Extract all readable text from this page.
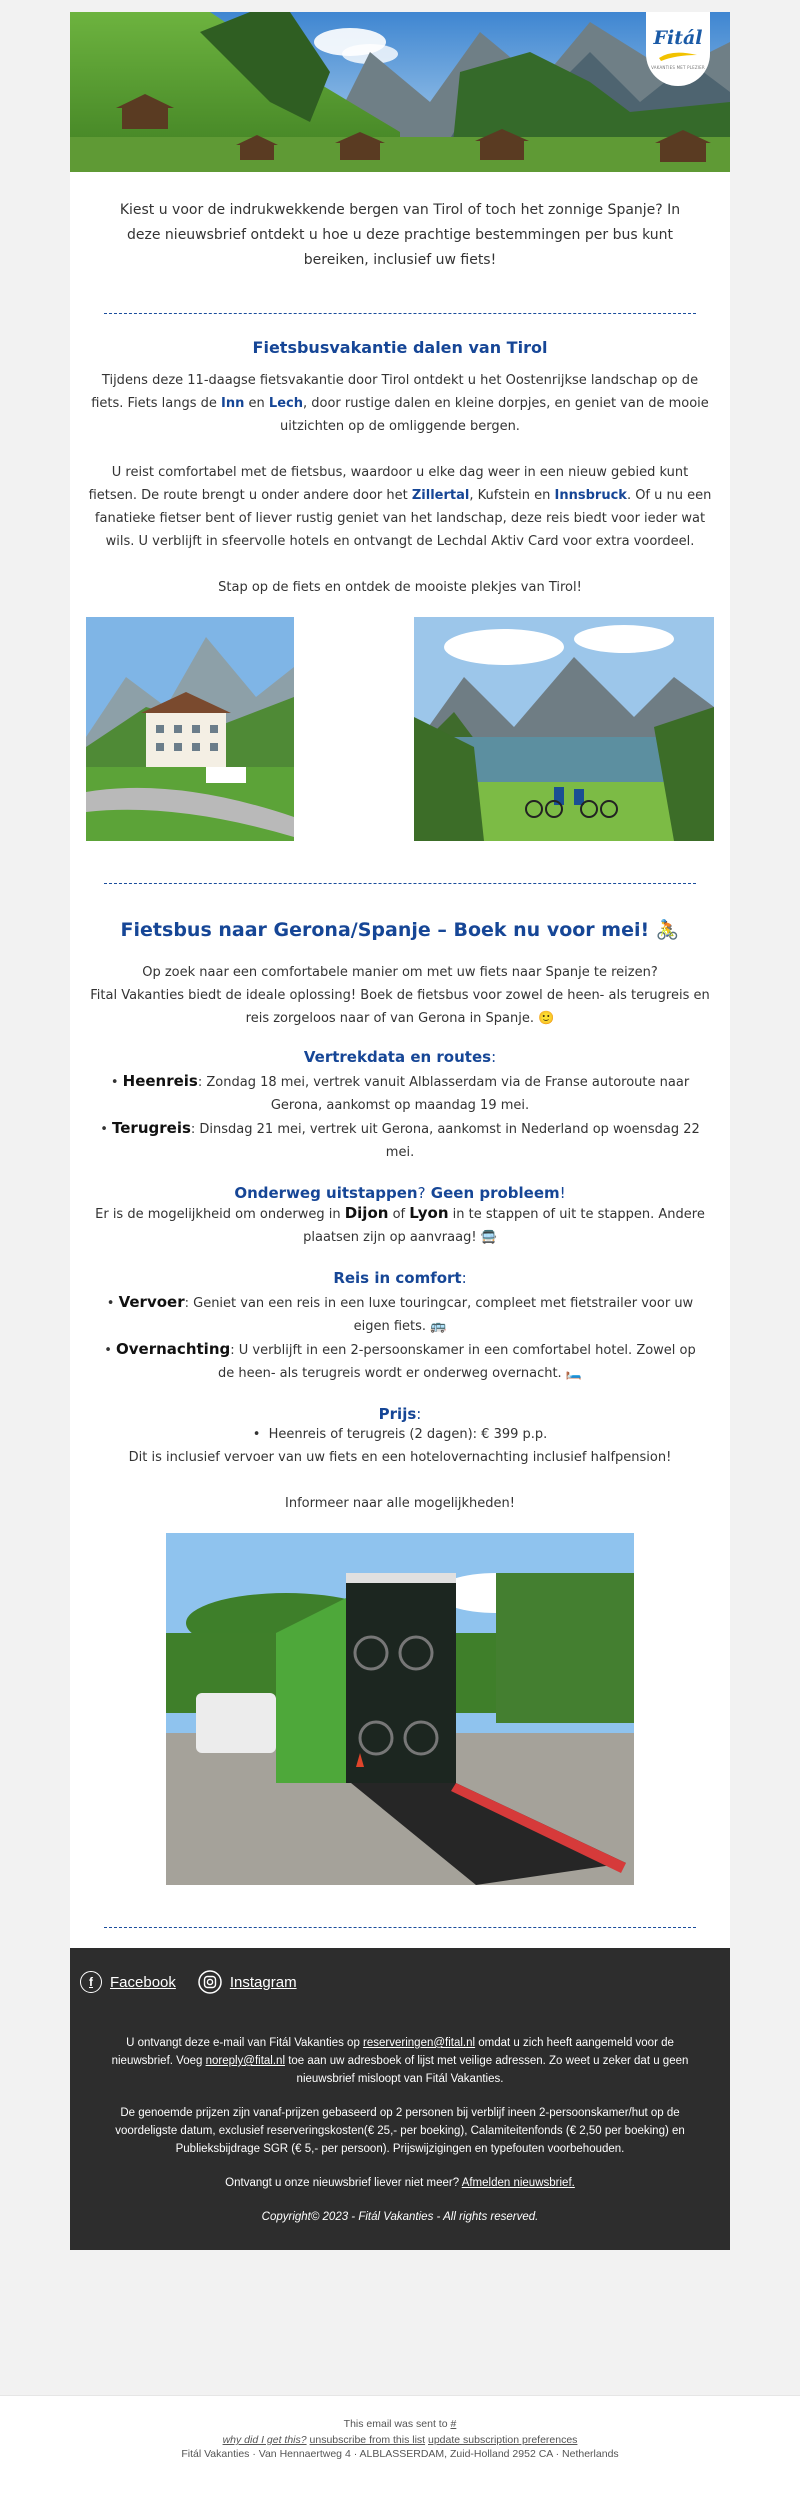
Fitál
VAKANTIES MET PLEZIER

Kiest u voor de indrukwekkende bergen van Tirol of toch het zonnige Spanje? In deze nieuwsbrief ontdekt u hoe u deze prachtige bestemmingen per bus kunt bereiken, inclusief uw fiets!

Fietsbusvakantie dalen van Tirol

Tijdens deze 11-daagse fietsvakantie door Tirol ontdekt u het Oostenrijkse landschap op de fiets. Fiets langs de Inn en Lech, door rustige dalen en kleine dorpjes, en geniet van de mooie uitzichten op de omliggende bergen.

U reist comfortabel met de fietsbus, waardoor u elke dag weer in een nieuw gebied kunt fietsen. De route brengt u onder andere door het Zillertal, Kufstein en Innsbruck. Of u nu een fanatieke fietser bent of liever rustig geniet van het landschap, deze reis biedt voor ieder wat wils. U verblijft in sfeervolle hotels en ontvangt de Lechdal Aktiv Card voor extra voordeel.

Stap op de fiets en ontdek de mooiste plekjes van Tirol!

Fietsbus naar Gerona/Spanje – Boek nu voor mei! 🚴

Op zoek naar een comfortabele manier om met uw fiets naar Spanje te reizen?
Fital Vakanties biedt de ideale oplossing! Boek de fietsbus voor zowel de heen- als terugreis en reis zorgeloos naar of van Gerona in Spanje. 🙂

Vertrekdata en routes:
• Heenreis: Zondag 18 mei, vertrek vanuit Alblasserdam via de Franse autoroute naar Gerona, aankomst op maandag 19 mei.
• Terugreis: Dinsdag 21 mei, vertrek uit Gerona, aankomst in Nederland op woensdag 22 mei.
Onderweg uitstappen? Geen probleem!

Er is de mogelijkheid om onderweg in Dijon of Lyon in te stappen of uit te stappen. Andere plaatsen zijn op aanvraag! 🚍

Reis in comfort:
• Vervoer: Geniet van een reis in een luxe touringcar, compleet met fietstrailer voor uw eigen fiets. 🚌
• Overnachting: U verblijft in een 2-persoonskamer in een comfortabel hotel. Zowel op de heen- als terugreis wordt er onderweg overnacht. 🛏️
Prijs:
•  Heenreis of terugreis (2 dagen): € 399 p.p.

Dit is inclusief vervoer van uw fiets en een hotelovernachting inclusief halfpension!

Informeer naar alle mogelijkheden!

f	Facebook	Instagram

U ontvangt deze e-mail van Fitál Vakanties op reserveringen@fital.nl omdat u zich heeft aangemeld voor de nieuwsbrief. Voeg noreply@fital.nl toe aan uw adresboek of lijst met veilige adressen. Zo weet u zeker dat u geen nieuwsbrief misloopt van Fitál Vakanties.

De genoemde prijzen zijn vanaf-prijzen gebaseerd op 2 personen bij verblijf ineen 2-persoonskamer/hut op de voordeligste datum, exclusief reserveringskosten(€ 25,- per boeking), Calamiteitenfonds (€ 2,50 per boeking) en Publieksbijdrage SGR (€ 5,- per persoon). Prijswijzigingen en typefouten voorbehouden.

Ontvangt u onze nieuwsbrief liever niet meer? Afmelden nieuwsbrief.

Copyright© 2023 - Fitál Vakanties - All rights reserved.

This email was sent to #
why did I get this? unsubscribe from this list update subscription preferences
Fitál Vakanties · Van Hennaertweg 4 · ALBLASSERDAM, Zuid-Holland 2952 CA · Netherlands
